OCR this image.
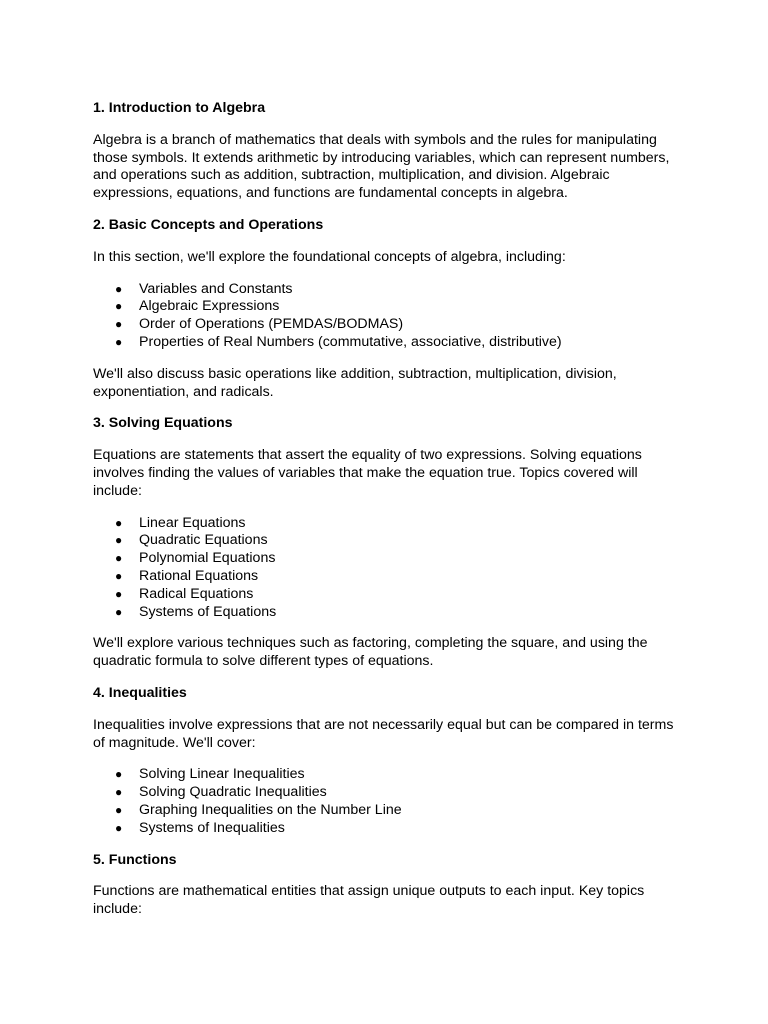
1. Introduction to Algebra

Algebra is a branch of mathematics that deals with symbols and the rules for manipulating those symbols. It extends arithmetic by introducing variables, which can represent numbers, and operations such as addition, subtraction, multiplication, and division. Algebraic expressions, equations, and functions are fundamental concepts in algebra.

2. Basic Concepts and Operations

In this section, we'll explore the foundational concepts of algebra, including:

● Variables and Constants
● Algebraic Expressions
● Order of Operations (PEMDAS/BODMAS)
● Properties of Real Numbers (commutative, associative, distributive)

We'll also discuss basic operations like addition, subtraction, multiplication, division, exponentiation, and radicals.

3. Solving Equations

Equations are statements that assert the equality of two expressions. Solving equations involves finding the values of variables that make the equation true. Topics covered will include:

● Linear Equations
● Quadratic Equations
● Polynomial Equations
● Rational Equations
● Radical Equations
● Systems of Equations

We'll explore various techniques such as factoring, completing the square, and using the quadratic formula to solve different types of equations.

4. Inequalities

Inequalities involve expressions that are not necessarily equal but can be compared in terms of magnitude. We'll cover:

● Solving Linear Inequalities
● Solving Quadratic Inequalities
● Graphing Inequalities on the Number Line
● Systems of Inequalities
5. Functions

Functions are mathematical entities that assign unique outputs to each input. Key topics include:
